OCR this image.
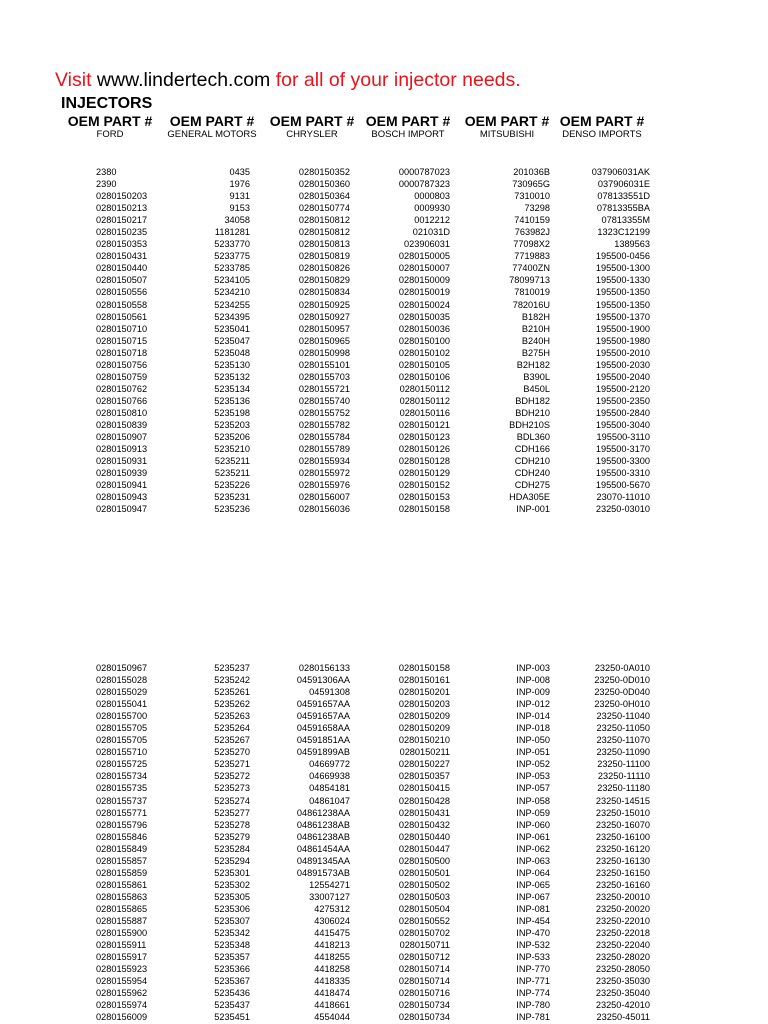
Visit www.lindertech.com for all of your injector needs.
INJECTORS
OEM PART #
FORD
OEM PART #
GENERAL MOTORS
OEM PART #
CHRYSLER
OEM PART #
BOSCH IMPORT
OEM PART #
MITSUBISHI
OEM PART #
DENSO IMPORTS
2380	0435	0280150352	0000787023	201036B	037906031AK
2390	1976	0280150360	0000787323	730965G	037906031E
0280150203	9131	0280150364	0000803	7310010	078133551D
0280150213	9153	0280150774	0009930	73298	07813355BA
0280150217	34058	0280150812	0012212	7410159	07813355M
0280150235	1181281	0280150812	021031D	763982J	1323C12199
0280150353	5233770	0280150813	023906031	77098X2	1389563
0280150431	5233775	0280150819	0280150005	7719883	195500-0456
0280150440	5233785	0280150826	0280150007	77400ZN	195500-1300
0280150507	5234105	0280150829	0280150009	78099713	195500-1330
0280150556	5234210	0280150834	0280150019	7810019	195500-1350
0280150558	5234255	0280150925	0280150024	782016U	195500-1350
0280150561	5234395	0280150927	0280150035	B182H	195500-1370
0280150710	5235041	0280150957	0280150036	B210H	195500-1900
0280150715	5235047	0280150965	0280150100	B240H	195500-1980
0280150718	5235048	0280150998	0280150102	B275H	195500-2010
0280150756	5235130	0280155101	0280150105	B2H182	195500-2030
0280150759	5235132	0280155703	0280150106	B390L	195500-2040
0280150762	5235134	0280155721	0280150112	B450L	195500-2120
0280150766	5235136	0280155740	0280150112	BDH182	195500-2350
0280150810	5235198	0280155752	0280150116	BDH210	195500-2840
0280150839	5235203	0280155782	0280150121	BDH210S	195500-3040
0280150907	5235206	0280155784	0280150123	BDL360	195500-3110
0280150913	5235210	0280155789	0280150126	CDH166	195500-3170
0280150931	5235211	0280155934	0280150128	CDH210	195500-3300
0280150939	5235211	0280155972	0280150129	CDH240	195500-3310
0280150941	5235226	0280155976	0280150152	CDH275	195500-5670
0280150943	5235231	0280156007	0280150153	HDA305E	23070-11010
0280150947	5235236	0280156036	0280150158	INP-001	23250-03010
0280150967	5235237	0280156133	0280150158	INP-003	23250-0A010
0280155028	5235242	04591306AA	0280150161	INP-008	23250-0D010
0280155029	5235261	04591308	0280150201	INP-009	23250-0D040
0280155041	5235262	04591657AA	0280150203	INP-012	23250-0H010
0280155700	5235263	04591657AA	0280150209	INP-014	23250-11040
0280155705	5235264	04591658AA	0280150209	INP-018	23250-11050
0280155705	5235267	04591851AA	0280150210	INP-050	23250-11070
0280155710	5235270	04591899AB	0280150211	INP-051	23250-11090
0280155725	5235271	04669772	0280150227	INP-052	23250-11100
0280155734	5235272	04669938	0280150357	INP-053	23250-11110
0280155735	5235273	04854181	0280150415	INP-057	23250-11180
0280155737	5235274	04861047	0280150428	INP-058	23250-14515
0280155771	5235277	04861238AA	0280150431	INP-059	23250-15010
0280155796	5235278	04861238AB	0280150432	INP-060	23250-16070
0280155846	5235279	04861238AB	0280150440	INP-061	23250-16100
0280155849	5235284	04861454AA	0280150447	INP-062	23250-16120
0280155857	5235294	04891345AA	0280150500	INP-063	23250-16130
0280155859	5235301	04891573AB	0280150501	INP-064	23250-16150
0280155861	5235302	12554271	0280150502	INP-065	23250-16160
0280155863	5235305	33007127	0280150503	INP-067	23250-20010
0280155865	5235306	4275312	0280150504	INP-081	23250-20020
0280155887	5235307	4306024	0280150552	INP-454	23250-22010
0280155900	5235342	4415475	0280150702	INP-470	23250-22018
0280155911	5235348	4418213	0280150711	INP-532	23250-22040
0280155917	5235357	4418255	0280150712	INP-533	23250-28020
0280155923	5235366	4418258	0280150714	INP-770	23250-28050
0280155954	5235367	4418335	0280150714	INP-771	23250-35030
0280155962	5235436	4418474	0280150716	INP-774	23250-35040
0280155974	5235437	4418661	0280150734	INP-780	23250-42010
0280156009	5235451	4554044	0280150734	INP-781	23250-45011
